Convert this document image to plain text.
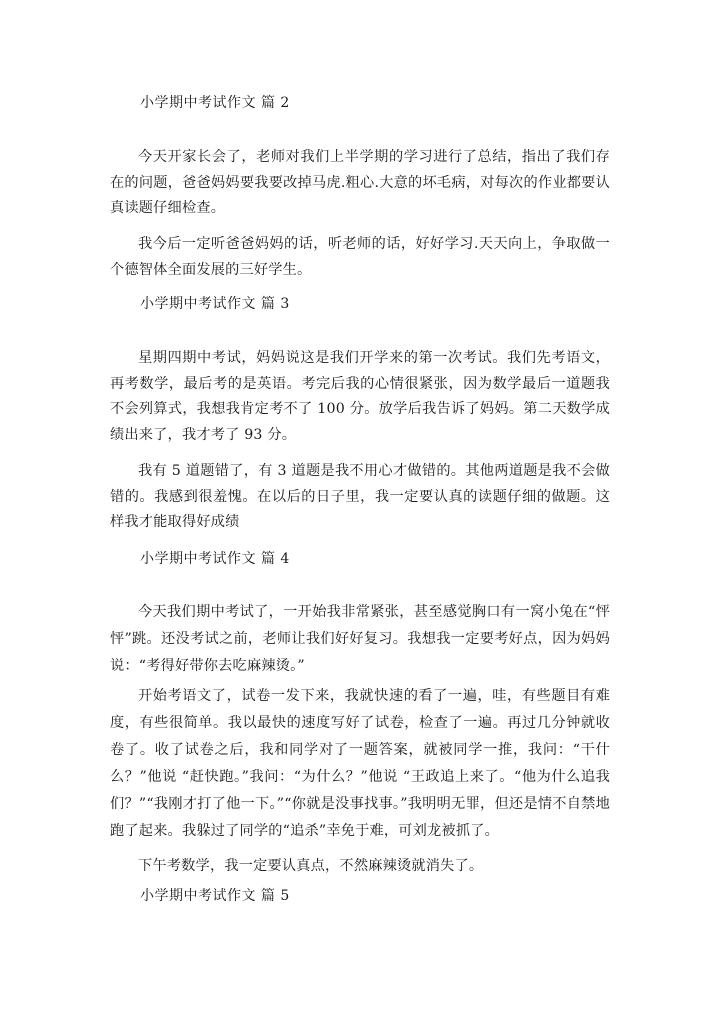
小学期中考试作文 篇 2
今天开家长会了，老师对我们上半学期的学习进行了总结，指出了我们存在的问题，爸爸妈妈要我要改掉马虎.粗心.大意的坏毛病，对每次的作业都要认真读题仔细检查。
我今后一定听爸爸妈妈的话，听老师的话，好好学习.天天向上，争取做一个德智体全面发展的三好学生。
小学期中考试作文 篇 3
星期四期中考试，妈妈说这是我们开学来的第一次考试。我们先考语文，再考数学，最后考的是英语。考完后我的心情很紧张，因为数学最后一道题我不会列算式，我想我肯定考不了 100 分。放学后我告诉了妈妈。第二天数学成绩出来了，我才考了 93 分。
我有 5 道题错了，有 3 道题是我不用心才做错的。其他两道题是我不会做错的。我感到很羞愧。在以后的日子里，我一定要认真的读题仔细的做题。这样我才能取得好成绩
小学期中考试作文 篇 4
今天我们期中考试了，一开始我非常紧张，甚至感觉胸口有一窝小兔在“怦怦”跳。还没考试之前，老师让我们好好复习。我想我一定要考好点，因为妈妈说：“考得好带你去吃麻辣烫。”
开始考语文了，试卷一发下来，我就快速的看了一遍，哇，有些题目有难度，有些很简单。我以最快的速度写好了试卷，检查了一遍。再过几分钟就收卷了。收了试卷之后，我和同学对了一题答案，就被同学一推，我问：“干什么？”他说 “赶快跑。”我问：“为什么？”他说 “王政追上来了。“他为什么追我们？”“我刚才打了他一下。”“你就是没事找事。”我明明无罪，但还是情不自禁地跑了起来。我躲过了同学的“追杀”幸免于难，可刘龙被抓了。
下午考数学，我一定要认真点，不然麻辣烫就消失了。
小学期中考试作文 篇 5
